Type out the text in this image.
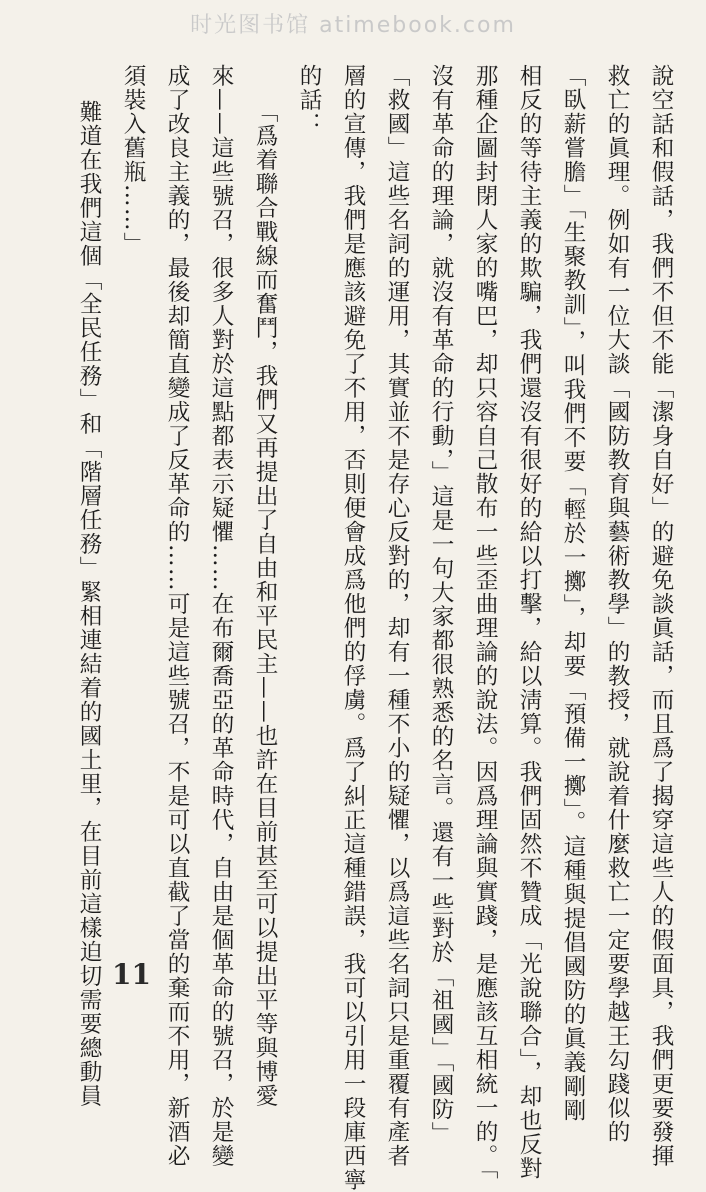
时光图书馆 atimebook.com
說空話和假話，我們不但不能「潔身自好」的避免談眞話，而且爲了揭穿這些人的假面具，我們更要發揮
救亡的眞理。例如有一位大談「國防教育與藝術教學」的教授，就說着什麼救亡一定要學越王勾踐似的
「臥薪嘗膽」「生聚教訓」，叫我們不要「輕於一擲」，却要「預備一擲」。這種與提倡國防的眞義剛剛
相反的等待主義的欺騙，我們還沒有很好的給以打擊，給以淸算。我們固然不贊成「光說聯合」，却也反對
那種企圖封閉人家的嘴巴，却只容自己散布一些歪曲理論的說法。因爲理論與實踐，是應該互相統一的。「
沒有革命的理論，就沒有革命的行動，」這是一句大家都很熟悉的名言。還有一些對於「祖國」「國防」
「救國」這些名詞的運用，其實並不是存心反對的，却有一種不小的疑懼，以爲這些名詞只是重覆有產者
層的宣傳，我們是應該避免了不用，否則便會成爲他們的俘虜。爲了糾正這種錯誤，我可以引用一段庫西寧
的話：
「爲着聯合戰線而奮鬥，我們又再提出了自由和平民主——也許在目前甚至可以提出平等與博愛
來——這些號召，很多人對於這點都表示疑懼……在布爾喬亞的革命時代，自由是個革命的號召，於是變
成了改良主義的，最後却簡直變成了反革命的……可是這些號召，不是可以直截了當的棄而不用，新酒必
須裝入舊瓶……」
難道在我們這個「全民任務」和「階層任務」緊相連結着的國土里，在目前這樣迫切需要總動員 11
